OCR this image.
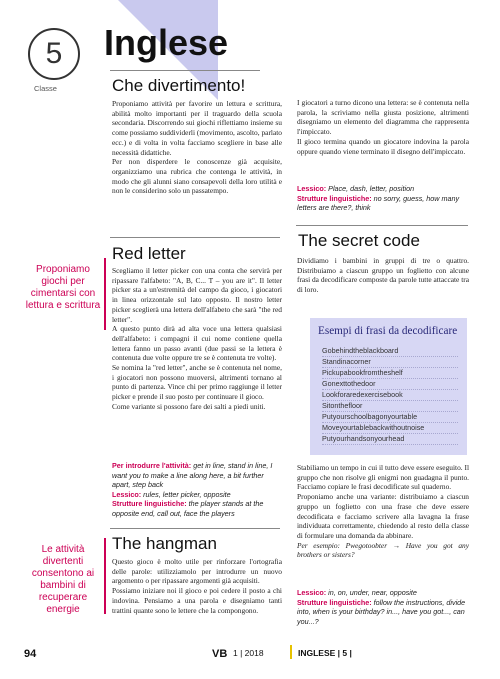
5
Classe
Inglese
Che divertimento!

Proponiamo attività per favorire un lettura e scrittura, abilità molto importanti per il traguardo della scuola secondaria. Discorrendo sui giochi riflettiamo insieme su come possiamo suddividerli (movimento, ascolto, parlato ecc.) e di volta in volta facciamo scegliere in base alle necessità didattiche.

Per non disperdere le conoscenze già acquisite, organizziamo una rubrica che contenga le attività, in modo che gli alunni siano consapevoli della loro utilità e non le considerino solo un passatempo.

Red letter

Scegliamo il letter picker con una conta che servirà per ripassare l'alfabeto: "A, B, C... T – you are it". Il letter picker sta a un'estremità del campo da gioco, i giocatori in linea orizzontale sul lato opposto. Il nostro letter picker sceglierà una lettera dell'alfabeto che sarà "the red letter".

A questo punto dirà ad alta voce una lettera qualsiasi dell'alfabeto: i compagni il cui nome contiene quella lettera fanno un passo avanti (due passi se la lettera è contenuta due volte oppure tre se è contenuta tre volte).

Se nomina la "red letter", anche se è contenuta nel nome, i giocatori non possono muoversi, altrimenti tornano al punto di partenza. Vince chi per primo raggiunge il letter picker e prende il suo posto per continuare il gioco.

Come variante si possono fare dei salti a piedi uniti.

Per introdurre l'attività: get in line, stand in line, I want you to make a line along here, a bit further apart, step back
Lessico: rules, letter picker, opposite
Strutture linguistiche: the player stands at the opposite end, call out, face the players
The hangman

Questo gioco è molto utile per rinforzare l'ortografia delle parole: utilizziamolo per introdurre un nuovo argomento o per ripassare argomenti già acquisiti.

Possiamo iniziare noi il gioco e poi cedere il posto a chi indovina. Pensiamo a una parola e disegniamo tanti trattini quante sono le lettere che la compongono.

I giocatori a turno dicono una lettera: se è contenuta nella parola, la scriviamo nella giusta posizione, altrimenti disegniamo un elemento del diagramma che rappresenta l'impiccato.

Il gioco termina quando un giocatore indovina la parola oppure quando viene terminato il disegno dell'impiccato.

Lessico: Place, dash, letter, position
Strutture linguistiche: no sorry, guess, how many letters are there?, think
The secret code

Dividiamo i bambini in gruppi di tre o quattro. Distribuiamo a ciascun gruppo un foglietto con alcune frasi da decodificare composte da parole tutte attaccate tra di loro.

Esempi di frasi da decodificare
Gobehindtheblackboard
Standinacorner
Pickupabookfromtheshelf
Gonexttothedoor
Lookforaredexercisebook
Sitonthefloor
Putyourschoolbagonyourtable
Moveyourtablebackwithoutnoise
Putyourhandsonyourhead

Stabiliamo un tempo in cui il tutto deve essere eseguito. Il gruppo che non risolve gli enigmi non guadagna il punto. Facciamo copiare le frasi decodificate sul quaderno.

Proponiamo anche una variante: distribuiamo a ciascun gruppo un foglietto con una frase che deve essere decodificata e facciamo scrivere alla lavagna la frase individuata correttamente, chiedendo al resto della classe di formulare una domanda da abbinare.

Per esempio: Pwegotoobter → Have you got any brothers or sisters?

Lessico: in, on, under, near, opposite
Strutture linguistiche: follow the instructions, divide into, when is your birthday? in..., have you got..., can you...?
Proponiamo giochi per cimentarsi con lettura e scrittura
Le attività divertenti consentono ai bambini di recuperare energie
94	VB 1 | 2018	INGLESE | 5 |
